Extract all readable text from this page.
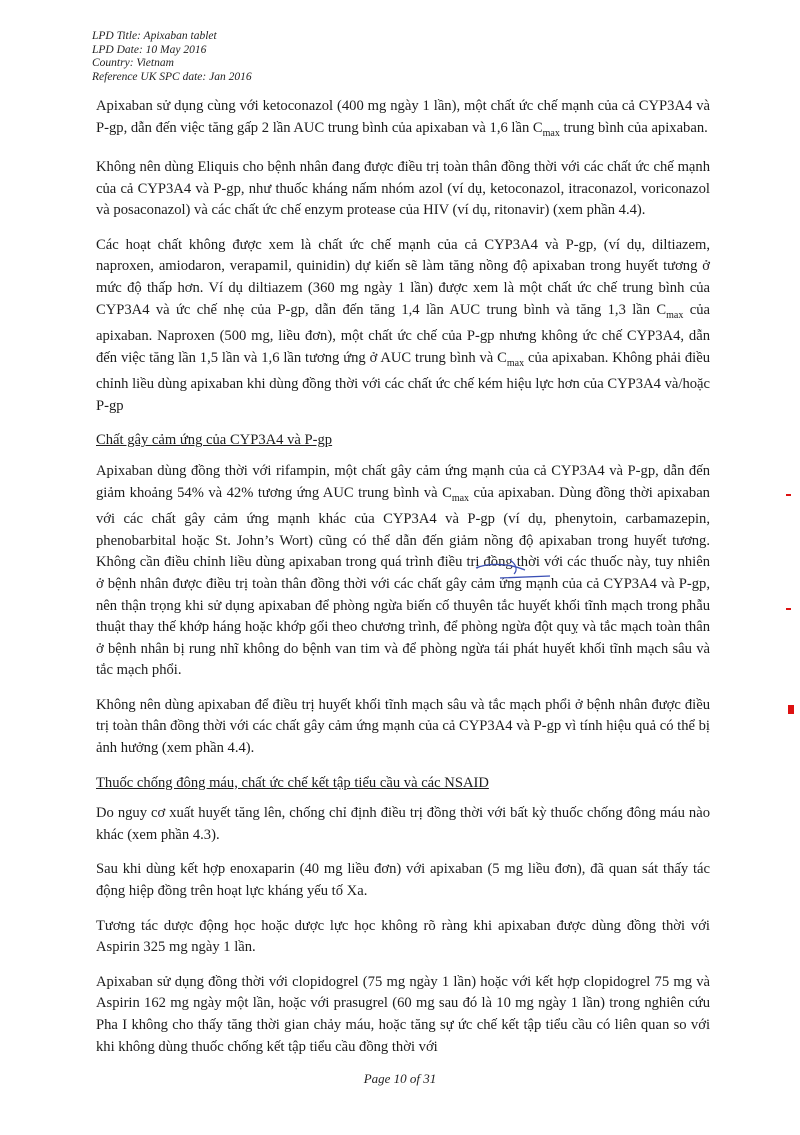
LPD Title: Apixaban tablet
LPD Date: 10 May 2016
Country: Vietnam
Reference UK SPC date: Jan 2016

Apixaban sử dụng cùng với ketoconazol (400 mg ngày 1 lần), một chất ức chế mạnh của cả CYP3A4 và P-gp, dẫn đến việc tăng gấp 2 lần AUC trung bình của apixaban và 1,6 lần $C_{max}$ trung bình của apixaban.

Không nên dùng Eliquis cho bệnh nhân đang được điều trị toàn thân đồng thời với các chất ức chế mạnh của cả CYP3A4 và P-gp, như thuốc kháng nấm nhóm azol (ví dụ, ketoconazol, itraconazol, voriconazol và posaconazol) và các chất ức chế enzym protease của HIV (ví dụ, ritonavir) (xem phần 4.4).

Các hoạt chất không được xem là chất ức chế mạnh của cả CYP3A4 và P-gp, (ví dụ, diltiazem, naproxen, amiodaron, verapamil, quinidin) dự kiến sẽ làm tăng nồng độ apixaban trong huyết tương ở mức độ thấp hơn. Ví dụ diltiazem (360 mg ngày 1 lần) được xem là một chất ức chế trung bình của CYP3A4 và ức chế nhẹ của P-gp, dẫn đến tăng 1,4 lần AUC trung bình và tăng 1,3 lần $C_{max}$ của apixaban. Naproxen (500 mg, liều đơn), một chất ức chế của P-gp nhưng không ức chế CYP3A4, dẫn đến việc tăng lần 1,5 lần và 1,6 lần tương ứng ở AUC trung bình và $C_{max}$ của apixaban. Không phải điều chỉnh liều dùng apixaban khi dùng đồng thời với các chất ức chế kém hiệu lực hơn của CYP3A4 và/hoặc P-gp

Chất gây cảm ứng của CYP3A4 và P-gp

Apixaban dùng đồng thời với rifampin, một chất gây cảm ứng mạnh của cả CYP3A4 và P-gp, dẫn đến giảm khoảng 54% và 42% tương ứng AUC trung bình và $C_{max}$ của apixaban. Dùng đồng thời apixaban với các chất gây cảm ứng mạnh khác của CYP3A4 và P-gp (ví dụ, phenytoin, carbamazepin, phenobarbital hoặc St. John’s Wort) cũng có thể dẫn đến giảm nồng độ apixaban trong huyết tương. Không cần điều chỉnh liều dùng apixaban trong quá trình điều trị đồng thời với các thuốc này, tuy nhiên ở bệnh nhân được điều trị toàn thân đồng thời với các chất gây cảm ứng mạnh của cả CYP3A4 và P-gp, nên thận trọng khi sử dụng apixaban để phòng ngừa biến cố thuyên tắc huyết khối tĩnh mạch trong phẫu thuật thay thế khớp háng hoặc khớp gối theo chương trình, để phòng ngừa đột quỵ và tắc mạch toàn thân ở bệnh nhân bị rung nhĩ không do bệnh van tim và để phòng ngừa tái phát huyết khối tĩnh mạch sâu và tắc mạch phổi.

Không nên dùng apixaban để điều trị huyết khối tĩnh mạch sâu và tắc mạch phổi ở bệnh nhân được điều trị toàn thân đồng thời với các chất gây cảm ứng mạnh của cả CYP3A4 và P-gp vì tính hiệu quả có thể bị ảnh hưởng (xem phần 4.4).

Thuốc chống đông máu, chất ức chế kết tập tiểu cầu và các NSAID

Do nguy cơ xuất huyết tăng lên, chống chỉ định điều trị đồng thời với bất kỳ thuốc chống đông máu nào khác (xem phần 4.3).

Sau khi dùng kết hợp enoxaparin (40 mg liều đơn) với apixaban (5 mg liều đơn), đã quan sát thấy tác động hiệp đồng trên hoạt lực kháng yếu tố Xa.

Tương tác dược động học hoặc dược lực học không rõ ràng khi apixaban được dùng đồng thời với Aspirin 325 mg ngày 1 lần.

Apixaban sử dụng đồng thời với clopidogrel (75 mg ngày 1 lần) hoặc với kết hợp clopidogrel 75 mg và Aspirin 162 mg ngày một lần, hoặc với prasugrel (60 mg sau đó là 10 mg ngày 1 lần) trong nghiên cứu Pha I không cho thấy tăng thời gian chảy máu, hoặc tăng sự ức chế kết tập tiểu cầu có liên quan so với khi không dùng thuốc chống kết tập tiểu cầu đồng thời với

Page 10 of 31
